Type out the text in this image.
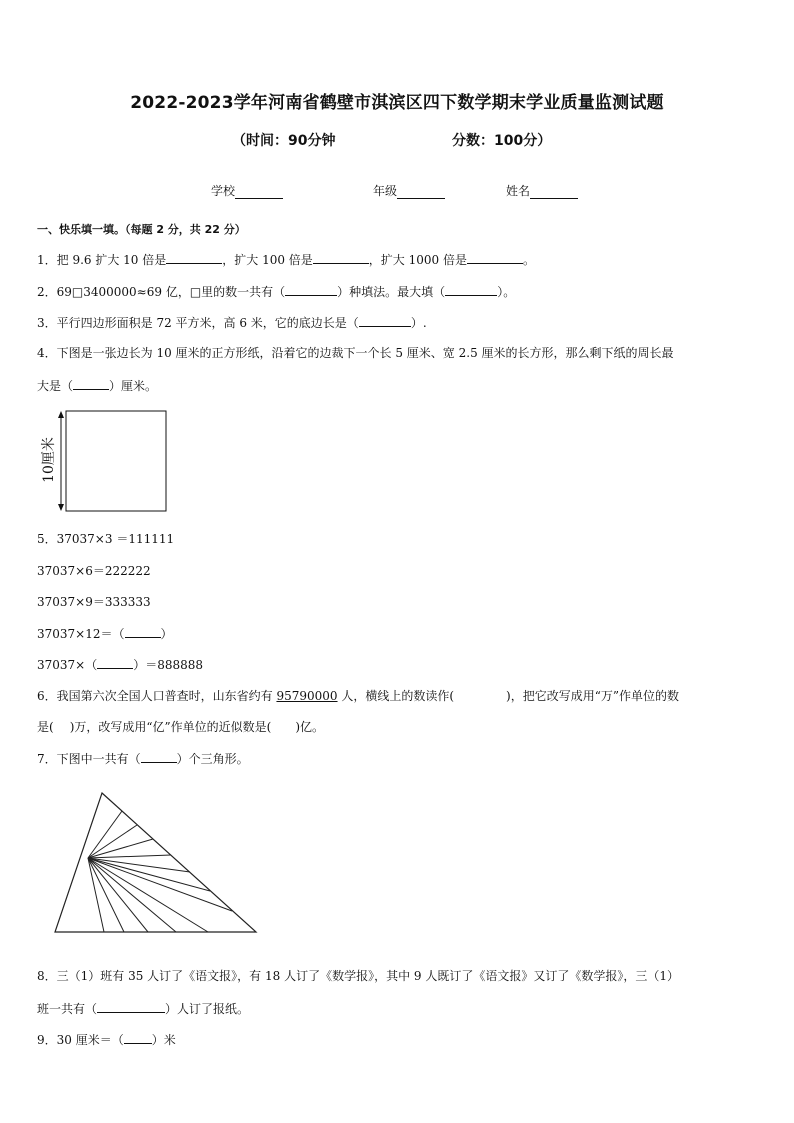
2022-2023学年河南省鹤壁市淇滨区四下数学期末学业质量监测试题
（时间：90分钟	分数：100分）
学校	年级	姓名
一、快乐填一填。（每题 2 分，共 22 分）
1．把 9.6 扩大 10 倍是	，扩大 100 倍是	，扩大 1000 倍是	。
2．69□3400000≈69 亿，□里的数一共有（	）种填法。最大填（	）。
3．平行四边形面积是 72 平方米，高 6 米，它的底边长是（	）.
4．下图是一张边长为 10 厘米的正方形纸，沿着它的边裁下一个长 5 厘米、宽 2.5 厘米的长方形，那么剩下纸的周长最
大是（	）厘米。
10厘米
5．37037×3 ＝111111
37037×6＝222222
37037×9＝333333
37037×12＝（	）
37037×（	）＝888888
6．我国第六次全国人口普查时，山东省约有 95790000 人，横线上的数读作(	)，把它改写成用“万”作单位的数
是( )万，改写成用“亿”作单位的近似数是( )亿。
7．下图中一共有（	）个三角形。
8．三（1）班有 35 人订了《语文报》，有 18 人订了《数学报》，其中 9 人既订了《语文报》又订了《数学报》，三（1）
班一共有（	）人订了报纸。
9．30 厘米＝（ ）米
